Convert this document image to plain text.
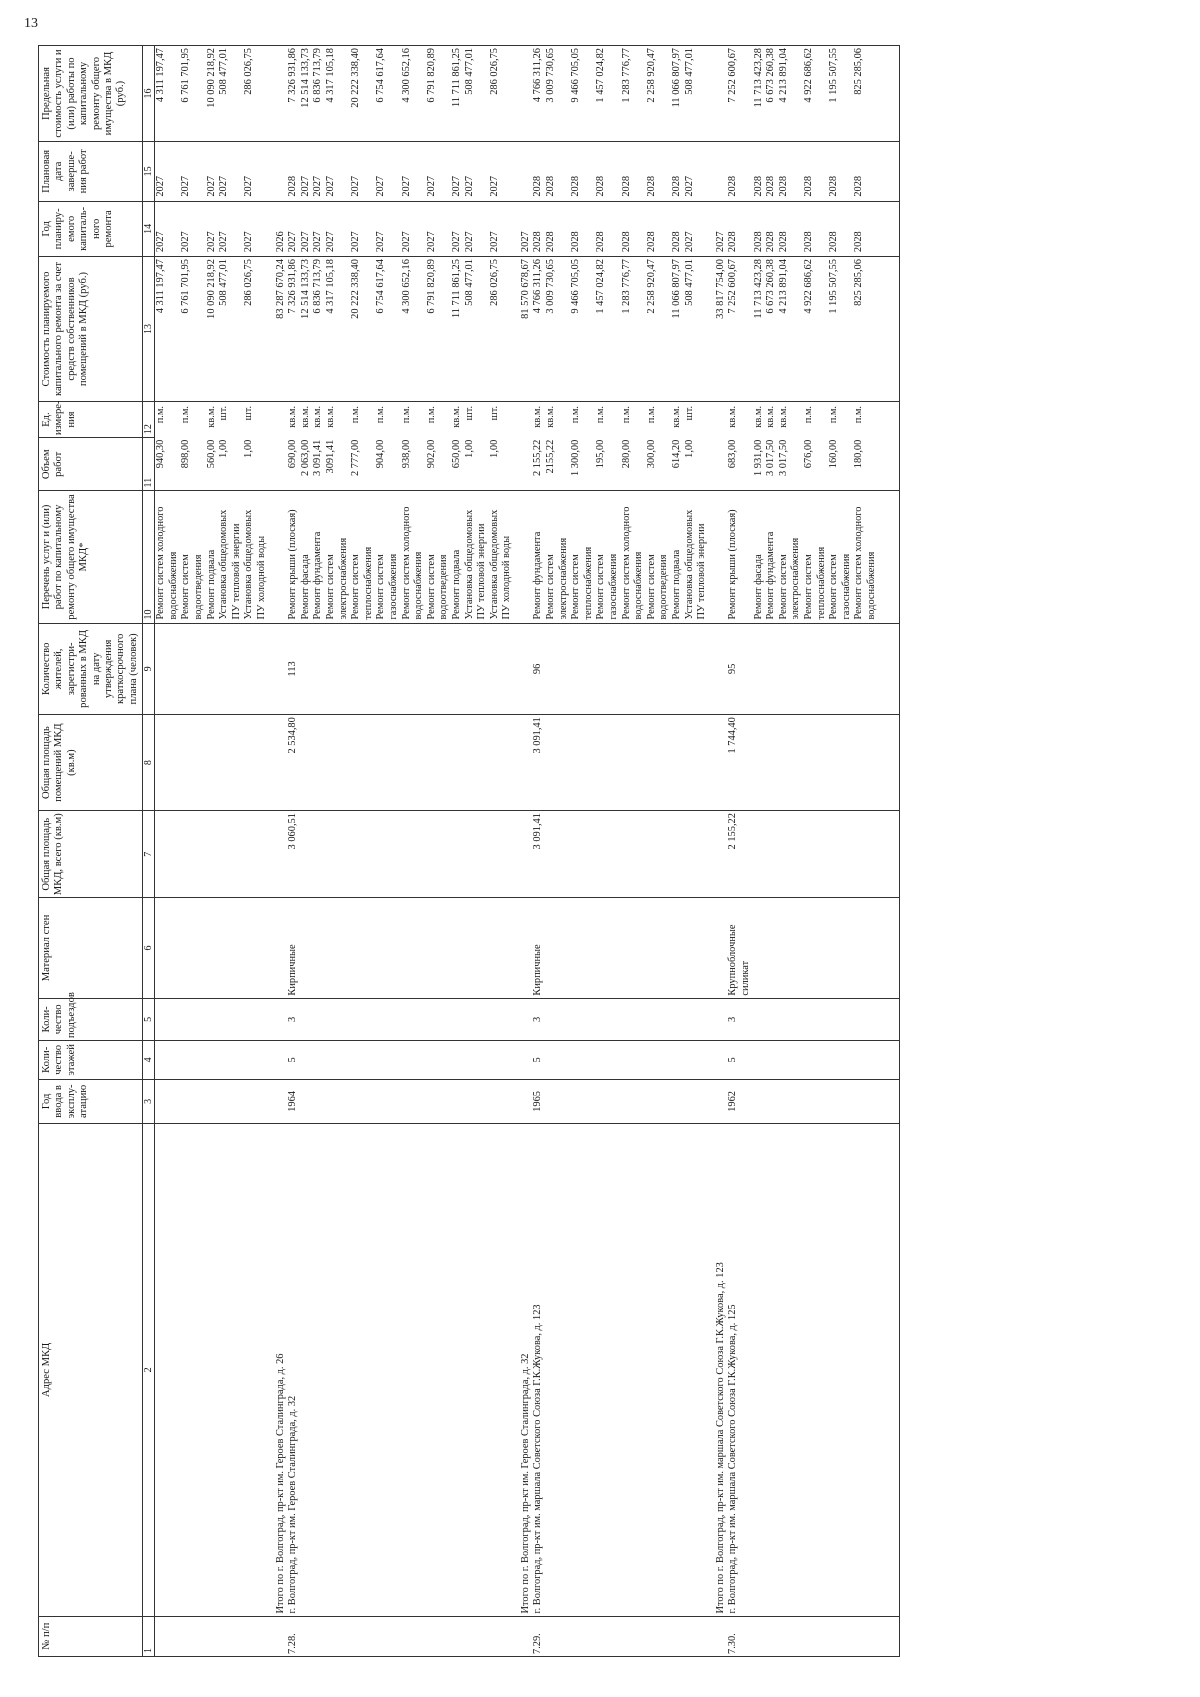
13
№ п/п	Адрес МКД	Год ввода в эксплу-атацию	Коли-чество этажей	Коли-чество подъездов	Материал стен	Общая площадь МКД, всего (кв.м)	Общая площадь помещений МКД (кв.м)	Количество жителей, зарегистри-рованных в МКД на дату утверждения краткосрочного плана (человек)	Перечень услуг и (или) работ по капитальному ремонту общего имущества МКД*	Объем работ	Ед. измере-ния	Стоимость планируемого капитального ремонта за счет средств собственников помещений в МКД (руб.)	Год планиру-емого капиталь-ного ремонта	Плановая дата заверше-ния работ	Предельная стоимость услуги и (или) работы по капитальному ремонту общего имущества в МКД (руб.)
1	2	3	4	5	6	7	8	9	10	11	12	13	14	15	16
									Ремонт систем холодного водоснабжения	940,30	п.м.	4 311 197,47	2027	2027	4 311 197,47
									Ремонт систем водоотведения	898,00	п.м.	6 761 701,95	2027	2027	6 761 701,95
									Ремонт подвала	560,00	кв.м.	10 090 218,92	2027	2027	10 090 218,92
									Установка общедомовых ПУ тепловой энергии	1,00	шт.	508 477,01	2027	2027	508 477,01
									Установка общедомовых ПУ холодной воды	1,00	шт.	286 026,75	2027	2027	286 026,75

	Итого по г. Волгоград, пр-кт им. Героев Сталинграда, д. 26											83 287 670,24	2026		
7.28.	г. Волгоград, пр-кт им. Героев Сталинграда, д. 32	1964	5	3	Кирпичные	3 060,51	2 534,80	113	Ремонт крыши (плоская)	690,00	кв.м.	7 326 931,86	2027	2028	7 326 931,86
									Ремонт фасада	2 063,00	кв.м.	12 514 133,73	2027	2027	12 514 133,73
									Ремонт фундамента	3 091,41	кв.м.	6 836 713,79	2027	2027	6 836 713,79
									Ремонт систем электроснабжения	3091,41	кв.м.	4 317 105,18	2027	2027	4 317 105,18
									Ремонт систем теплоснабжения	2 777,00	п.м.	20 222 338,40	2027	2027	20 222 338,40
									Ремонт систем газоснабжения	904,00	п.м.	6 754 617,64	2027	2027	6 754 617,64
									Ремонт систем холодного водоснабжения	938,00	п.м.	4 300 652,16	2027	2027	4 300 652,16
									Ремонт систем водоотведения	902,00	п.м.	6 791 820,89	2027	2027	6 791 820,89
									Ремонт подвала	650,00	кв.м.	11 711 861,25	2027	2027	11 711 861,25
									Установка общедомовых ПУ тепловой энергии	1,00	шт.	508 477,01	2027	2027	508 477,01
									Установка общедомовых ПУ холодной воды	1,00	шт.	286 026,75	2027	2027	286 026,75

	Итого по г. Волгоград, пр-кт им. Героев Сталинграда, д. 32											81 570 678,67	2027		
7.29.	г. Волгоград, пр-кт им. маршала Советского Союза Г.К.Жукова, д. 123	1965	5	3	Кирпичные	3 091,41	3 091,41	96	Ремонт фундамента	2 155,22	кв.м.	4 766 311,26	2028	2028	4 766 311,26
									Ремонт систем электроснабжения	2155,22	кв.м.	3 009 730,65	2028	2028	3 009 730,65
									Ремонт систем теплоснабжения	1 300,00	п.м.	9 466 705,05	2028	2028	9 466 705,05
									Ремонт систем газоснабжения	195,00	п.м.	1 457 024,82	2028	2028	1 457 024,82
									Ремонт систем холодного водоснабжения	280,00	п.м.	1 283 776,77	2028	2028	1 283 776,77
									Ремонт систем водоотведения	300,00	п.м.	2 258 920,47	2028	2028	2 258 920,47
									Ремонт подвала	614,20	кв.м.	11 066 807,97	2028	2028	11 066 807,97
									Установка общедомовых ПУ тепловой энергии	1,00	шт.	508 477,01	2027	2027	508 477,01

	Итого по г. Волгоград, пр-кт им. маршала Советского Союза Г.К.Жукова, д. 123											33 817 754,00	2027		
7.30.	г. Волгоград, пр-кт им. маршала Советского Союза Г.К.Жукова, д. 125	1962	5	3	Крупноблочные силикат	2 155,22	1 744,40	95	Ремонт крыши (плоская)	683,00	кв.м.	7 252 600,67	2028	2028	7 252 600,67
									Ремонт фасада	1 931,00	кв.м.	11 713 423,28	2028	2028	11 713 423,28
									Ремонт фундамента	3 017,50	кв.м.	6 673 260,38	2028	2028	6 673 260,38
									Ремонт систем электроснабжения	3 017,50	кв.м.	4 213 891,04	2028	2028	4 213 891,04
									Ремонт систем теплоснабжения	676,00	п.м.	4 922 686,62	2028	2028	4 922 686,62
									Ремонт систем газоснабжения	160,00	п.м.	1 195 507,55	2028	2028	1 195 507,55
									Ремонт систем холодного водоснабжения	180,00	п.м.	825 285,06	2028	2028	825 285,06
